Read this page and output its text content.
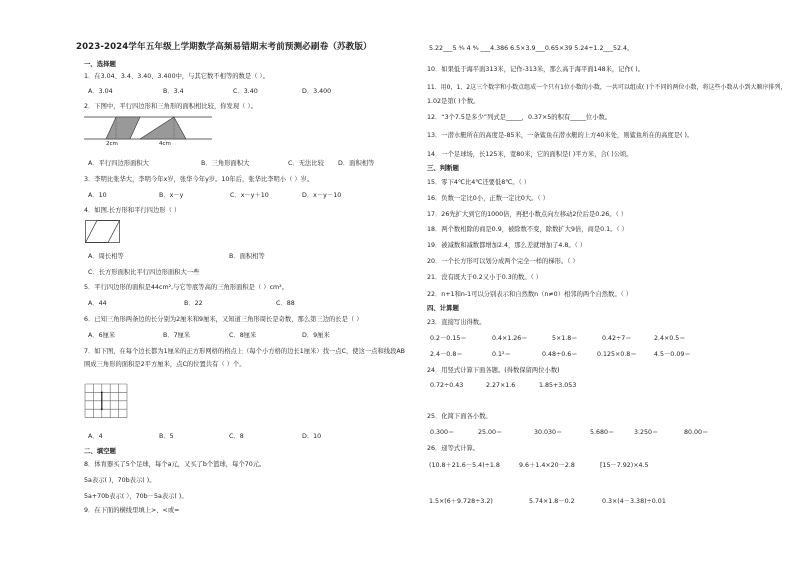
2023-2024学年五年级上学期数学高频易错期末考前预测必刷卷（苏教版）
一、选择题
1．在3.04、3.4、3.40、3.400中，与其它数不相等的数是（ ）。
A．3.04	B．3.4	C．3.40	D．3.400
2．下图中，平行四边形和三角形的面积相比较，你发现（ ）。
2cm	4cm
A．平行四边形面积大	B．三角形面积大	C．无法比较 D．面积相等
3．李明比张华大，李明今年x岁，张华今年y岁。10年后，张华比李明小（ ）岁。
A．10	B．x－y	C．x－y＋10	D．x－y－10
4．如图.长方形和平行四边形（ ）
A．周长相等	B．面积相等
C．长方形面积比平行四边形面积大一些
5．平行四边形的面积是44cm²,与它等底等高的三角形面积是（ ）cm²。
A．44	B．22	C．88
6．已知三角形两条边的长分别为2厘米和9厘米，又知道三角形周长是奇数，那么第三边的长是（ ）
A．6厘米	B．7厘米	C．8厘米	D．9厘米
7．如下图，在每个边长都为1厘米的正方形网格的格点上（每个小方格的边长1厘米）找一点C，使这一点和线段AB
围成三角形的面积是2平方厘米，点C的位置共有（ ）个。
A．4	B．5	C．8	D．10
二、填空题
8．体育器买了5个足球，每个a元，又买了b个篮球，每个70元。
5a表示( )，70b表示( )。
5a+70b表示( ），70b－5a表示( )。
9．在下面的横线里填上>、<或=
5.22___5 ⁴⁄₉ 4 ⁸⁄₉ ___4.386 6.5×3.9___0.65×39 5.24÷1.2___52.4。
10．如果低于海平面313米，记作-313米，那么高于海平面148米，记作( )。
11．用0，1，2这三个数字和小数点组成一个只有1位小数的小数，一共可以组成( )个不同的两位小数，将这些小数从小到大顺序排列，
1.02是第( )个数。
12．“3个7.5是多少”列式是_____，0.37×5的积有_____位小数。
13．一潜水艇所在的高度是-85米，一条鲨鱼在潜水艇的上方40米处，则鲨鱼所在的高度是( )。
14．一个足球场，长125米，宽80米，它的面积是( )平方米，合( )公顷。
三、判断题
15．零下4℃比4℃还要低8℃。（ ）
16．负数一定比0小，正数一定比0大。（ ）
17．26先扩大到它的1000倍，再把小数点向左移动2位后是0.26。（ ）
18．两个数相除的商是0.9，被除数不变，除数扩大9倍，商是0.1。（ ）
19．被减数和减数都增加2.4，那么差就增加了4.8。（ ）
20．一个长方形可以划分成两个完全一样的梯形。（ ）
21．没有既大于0.2又小于0.3的数。（ ）
22．n+1和n-1可以分别表示和自然数n（n≠0）相邻的两个自然数。（ ）
四、计算题
23．直接写出得数。
0.2－0.15＝	0.4×1.26＝	5×1.8＝	0.42÷7＝	2.4×0.5＝
2.4－0.8＝	0.1²＝	0.48÷0.6＝	0.125×0.8＝	4.5－0.09＝
24．用竖式计算下面各题。(得数保留两位小数)
0.72÷0.43	2.27×1.6	1.85+3.053
25．化简下面各小数。
0.300＝	25.00＝	30.030＝	5.680＝	3.250＝	80.00＝
26．递等式计算。
(10.8＋21.6－5.4)÷1.8	9.6＋1.4×20－2.8	[15－7.92)×4.5
1.5×(6＋9.728÷3.2)	5.74×1.8－0.2	0.3×(4－3.38)÷0.01
